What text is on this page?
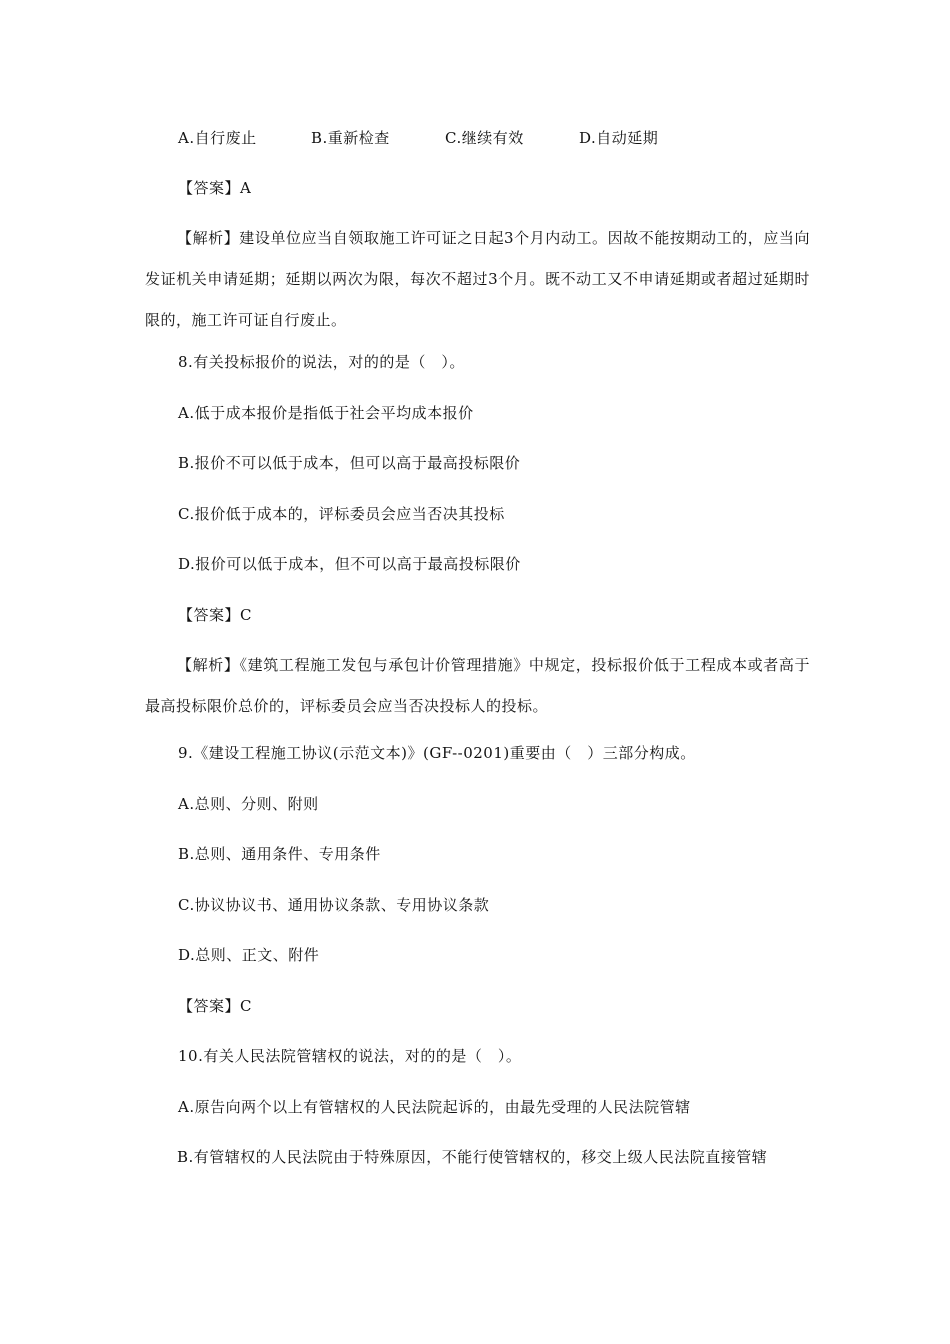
A.自行废止	B.重新检查	C.继续有效	D.自动延期
【答案】A
【解析】建设单位应当自领取施工许可证之日起3个月内动工。因故不能按期动工的，应当向发证机关申请延期；延期以两次为限，每次不超过3个月。既不动工又不申请延期或者超过延期时限的，施工许可证自行废止。
8.有关投标报价的说法，对的的是（　）。
A.低于成本报价是指低于社会平均成本报价
B.报价不可以低于成本，但可以高于最高投标限价
C.报价低于成本的，评标委员会应当否决其投标
D.报价可以低于成本，但不可以高于最高投标限价
【答案】C
【解析】《建筑工程施工发包与承包计价管理措施》中规定，投标报价低于工程成本或者高于最高投标限价总价的，评标委员会应当否决投标人的投标。
9.《建设工程施工协议(示范文本)》(GF--0201)重要由（　）三部分构成。
A.总则、分则、附则
B.总则、通用条件、专用条件
C.协议协议书、通用协议条款、专用协议条款
D.总则、正文、附件
【答案】C
10.有关人民法院管辖权的说法，对的的是（　）。
A.原告向两个以上有管辖权的人民法院起诉的，由最先受理的人民法院管辖
B.有管辖权的人民法院由于特殊原因，不能行使管辖权的，移交上级人民法院直接管辖
